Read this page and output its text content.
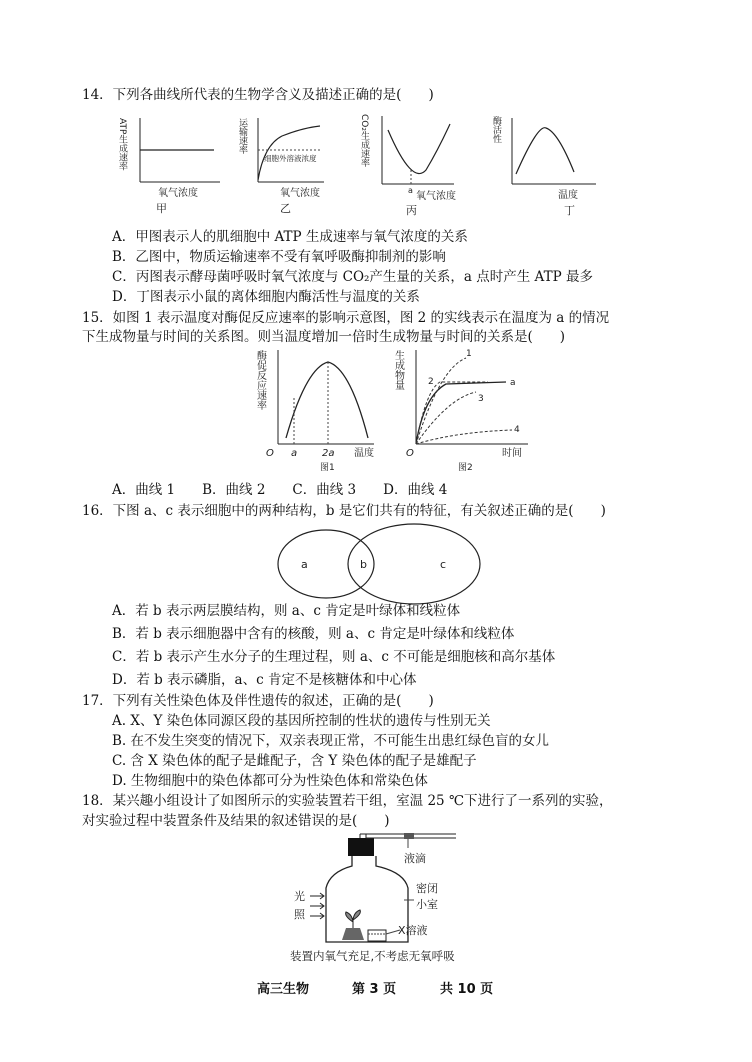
14．下列各曲线所代表的生物学含义及描述正确的是(　　)
ATP生成速率
氧气浓度
甲
运输速率
细胞外溶液浓度
氧气浓度
乙
CO₂生成速率
a
氧气浓度
丙
酶活性
温度
丁
A．甲图表示人的肌细胞中 ATP 生成速率与氧气浓度的关系
B．乙图中，物质运输速率不受有氧呼吸酶抑制剂的影响
C．丙图表示酵母菌呼吸时氧气浓度与 CO₂产生量的关系，a 点时产生 ATP 最多
D．丁图表示小鼠的离体细胞内酶活性与温度的关系
15．如图 1 表示温度对酶促反应速率的影响示意图，图 2 的实线表示在温度为 a 的情况
下生成物量与时间的关系图。则当温度增加一倍时生成物量与时间的关系是(　　)
酶促反应速率
O a 2a 温度
图1
生成物量	1
2	a
3
4
O	时间
图2
A．曲线 1　　B．曲线 2　　C．曲线 3　　D．曲线 4
16．下图 a、c 表示细胞中的两种结构，b 是它们共有的特征，有关叙述正确的是(　　)
a	b	c
A．若 b 表示两层膜结构，则 a、c 肯定是叶绿体和线粒体
B．若 b 表示细胞器中含有的核酸，则 a、c 肯定是叶绿体和线粒体
C．若 b 表示产生水分子的生理过程，则 a、c 不可能是细胞核和高尔基体
D．若 b 表示磷脂，a、c 肯定不是核糖体和中心体
17．下列有关性染色体及伴性遗传的叙述，正确的是(　　)
A. X、Y 染色体同源区段的基因所控制的性状的遗传与性别无关
B. 在不发生突变的情况下，双亲表现正常，不可能生出患红绿色盲的女儿
C. 含 X 染色体的配子是雌配子，含 Y 染色体的配子是雄配子
D. 生物细胞中的染色体都可分为性染色体和常染色体
18．某兴趣小组设计了如图所示的实验装置若干组，室温 25 ℃下进行了一系列的实验，
对实验过程中装置条件及结果的叙述错误的是(　　)
液滴
密闭
小室
光
照
X溶液
装置内氧气充足,不考虑无氧呼吸
高三生物	第 3 页	共 10 页
